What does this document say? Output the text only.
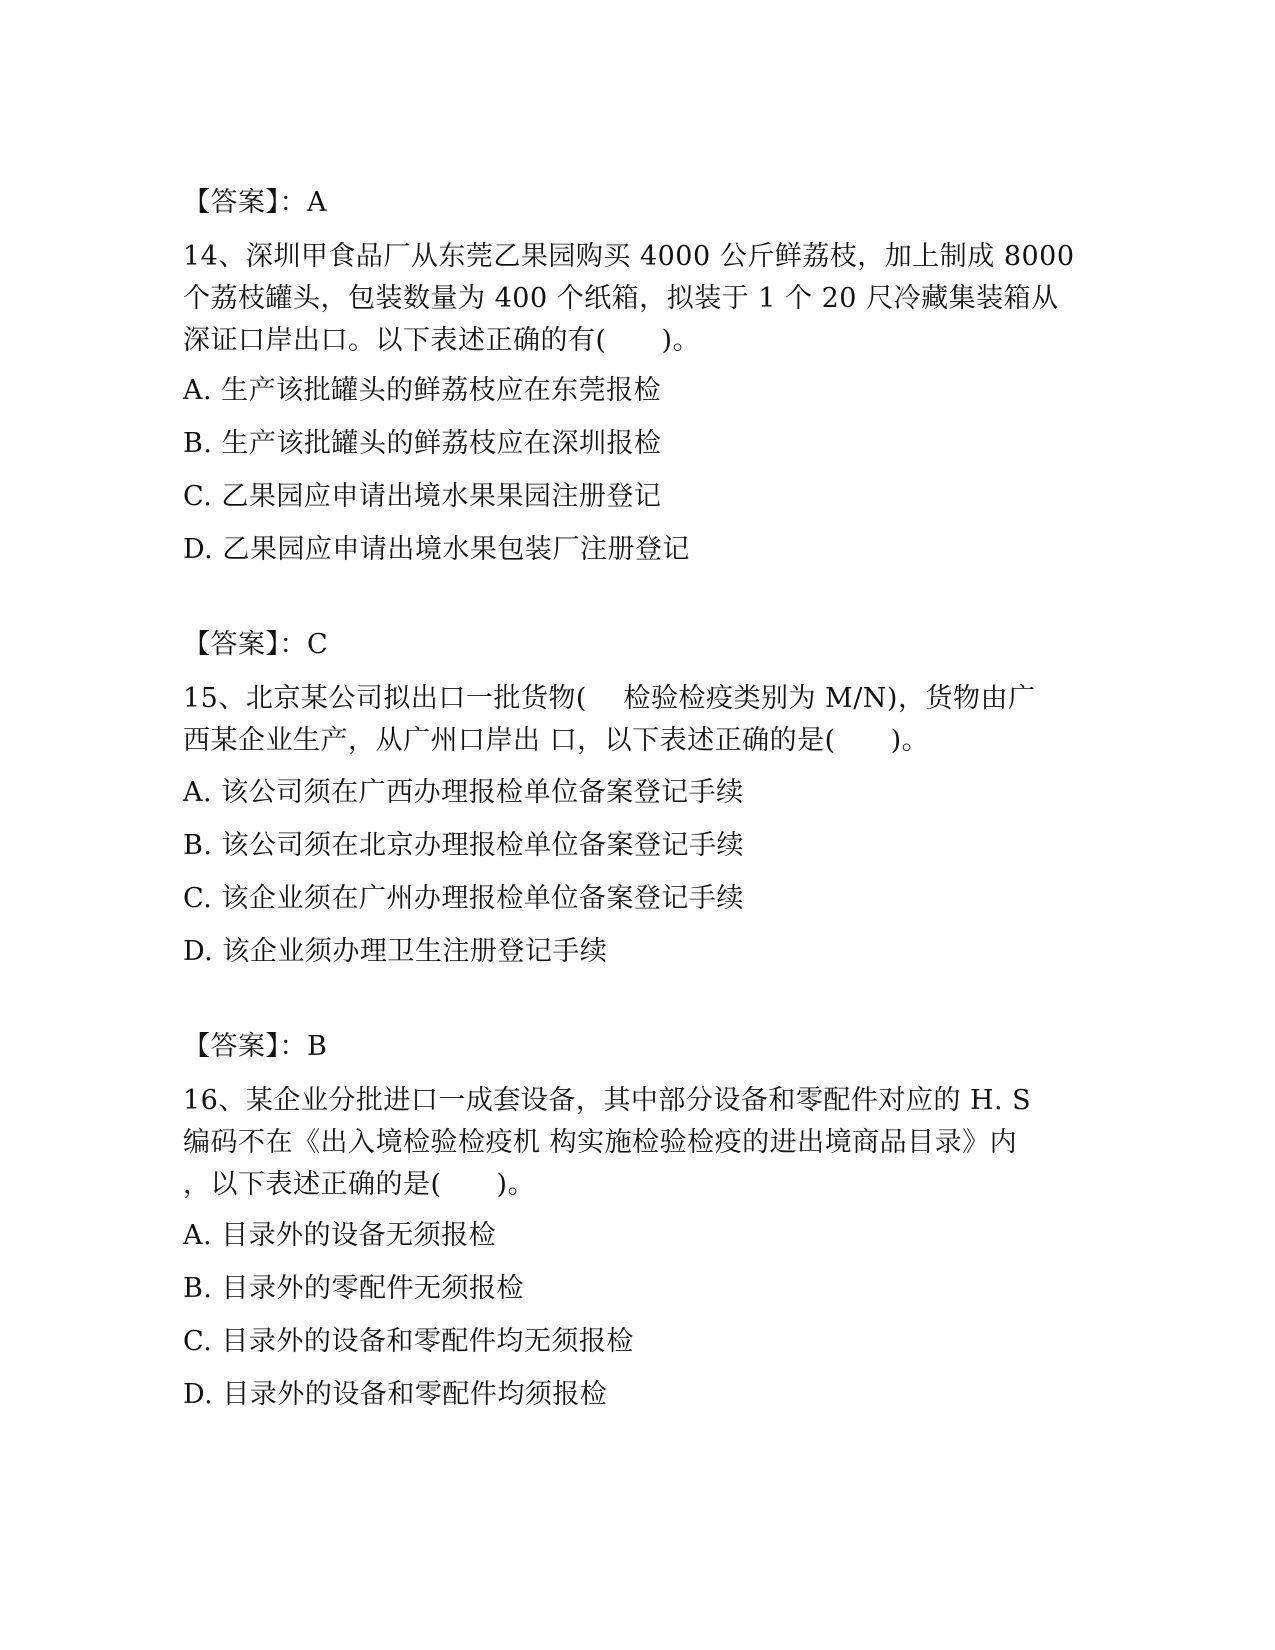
【答案】：A
14、深圳甲食品厂从东莞乙果园购买 4000 公斤鲜荔枝，加上制成 8000
个荔枝罐头，包装数量为 400 个纸箱，拟装于 1 个 20 尺冷藏集装箱从
深证口岸出口。以下表述正确的有(　　)。
A. 生产该批罐头的鲜荔枝应在东莞报检
B. 生产该批罐头的鲜荔枝应在深圳报检
C. 乙果园应申请出境水果果园注册登记
D. 乙果园应申请出境水果包装厂注册登记
【答案】：C
15、北京某公司拟出口一批货物(　 检验检疫类别为 M/N)，货物由广
西某企业生产，从广州口岸出 口，以下表述正确的是(　　)。
A. 该公司须在广西办理报检单位备案登记手续
B. 该公司须在北京办理报检单位备案登记手续
C. 该企业须在广州办理报检单位备案登记手续
D. 该企业须办理卫生注册登记手续
【答案】：B
16、某企业分批进口一成套设备，其中部分设备和零配件对应的 H. S
编码不在《出入境检验检疫机 构实施检验检疫的进出境商品目录》内
，以下表述正确的是(　　)。
A. 目录外的设备无须报检
B. 目录外的零配件无须报检
C. 目录外的设备和零配件均无须报检
D. 目录外的设备和零配件均须报检
